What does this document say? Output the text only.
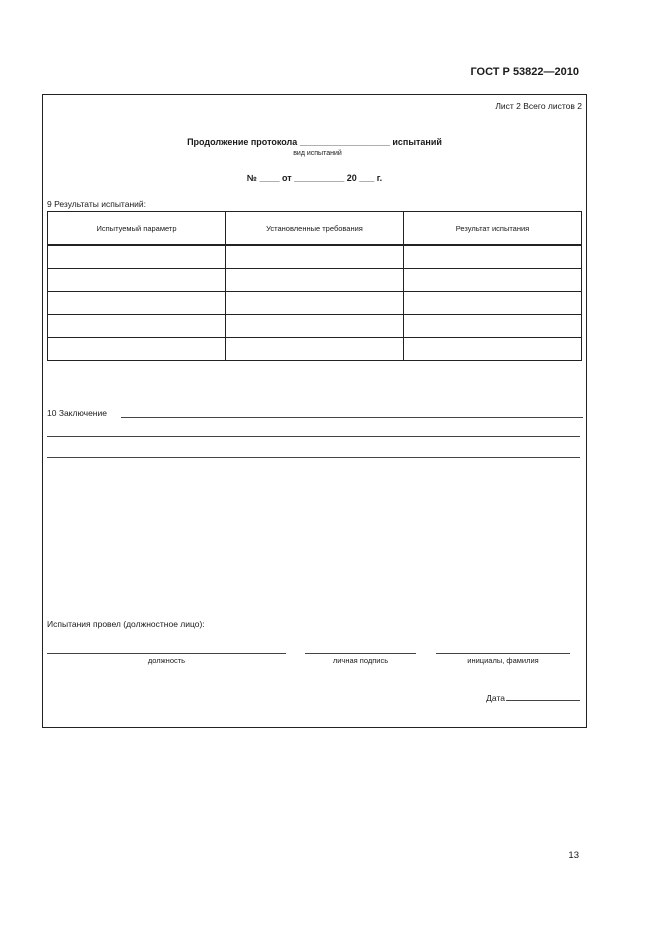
ГОСТ Р 53822—2010
Лист 2 Всего листов 2
Продолжение протокола __________________ испытаний
вид испытаний
№ ____ от __________ 20 ___ г.
9 Результаты испытаний:
Испытуемый параметр	Установленные требования	Результат испытания

10 Заключение
Испытания провел (должностное лицо):
должность	личная подпись	инициалы, фамилия
Дата
13
